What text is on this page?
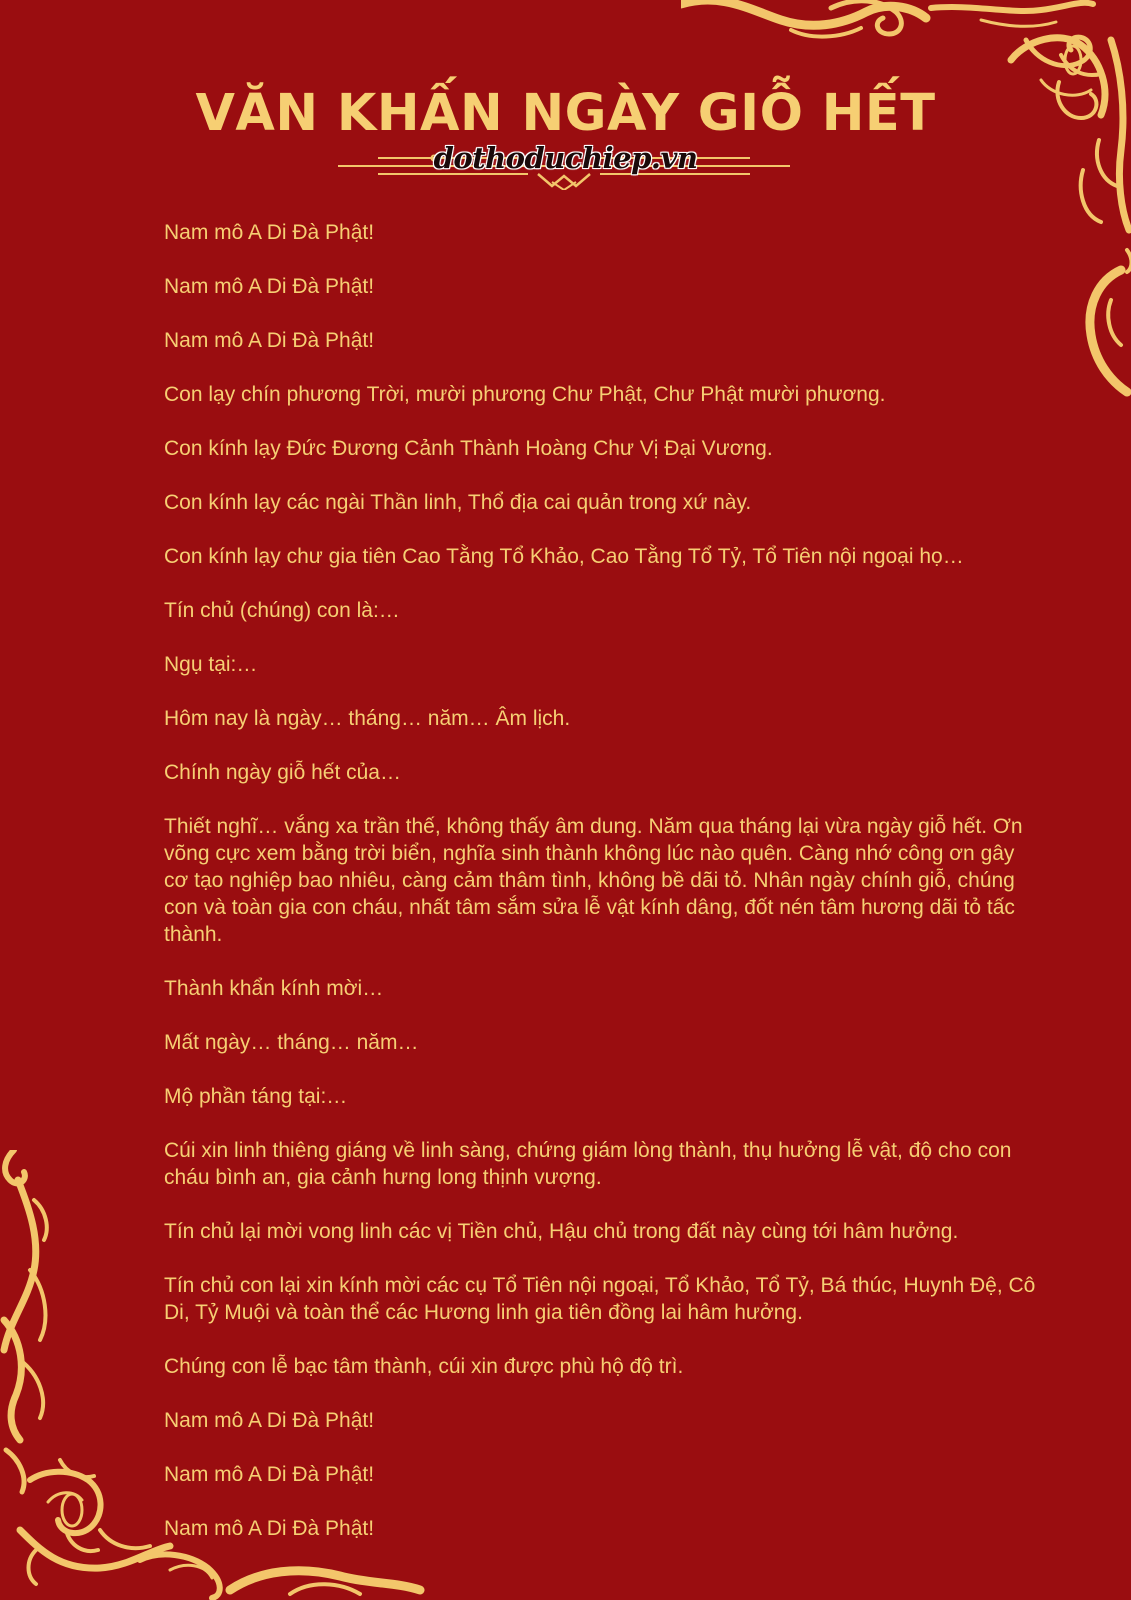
VĂN KHẤN NGÀY GIỖ HẾT
dothoduchiep.vn

Nam mô A Di Đà Phật!

Nam mô A Di Đà Phật!

Nam mô A Di Đà Phật!

Con lạy chín phương Trời, mười phương Chư Phật, Chư Phật mười phương.

Con kính lạy Đức Đương Cảnh Thành Hoàng Chư Vị Đại Vương.

Con kính lạy các ngài Thần linh, Thổ địa cai quản trong xứ này.

Con kính lạy chư gia tiên Cao Tằng Tổ Khảo, Cao Tằng Tổ Tỷ, Tổ Tiên nội ngoại họ…

Tín chủ (chúng) con là:…

Ngụ tại:…

Hôm nay là ngày… tháng… năm… Âm lịch.

Chính ngày giỗ hết của…

Thiết nghĩ… vắng xa trần thế, không thấy âm dung. Năm qua tháng lại vừa ngày giỗ hết. Ơn võng cực xem bằng trời biển, nghĩa sinh thành không lúc nào quên. Càng nhớ công ơn gây cơ tạo nghiệp bao nhiêu, càng cảm thâm tình, không bề dãi tỏ. Nhân ngày chính giỗ, chúng con và toàn gia con cháu, nhất tâm sắm sửa lễ vật kính dâng, đốt nén tâm hương dãi tỏ tấc thành.

Thành khẩn kính mời…

Mất ngày… tháng… năm…

Mộ phần táng tại:…

Cúi xin linh thiêng giáng về linh sàng, chứng giám lòng thành, thụ hưởng lễ vật, độ cho con cháu bình an, gia cảnh hưng long thịnh vượng.

Tín chủ lại mời vong linh các vị Tiền chủ, Hậu chủ trong đất này cùng tới hâm hưởng.

Tín chủ con lại xin kính mời các cụ Tổ Tiên nội ngoại, Tổ Khảo, Tổ Tỷ, Bá thúc, Huynh Đệ, Cô Di, Tỷ Muội và toàn thể các Hương linh gia tiên đồng lai hâm hưởng.

Chúng con lễ bạc tâm thành, cúi xin được phù hộ độ trì.

Nam mô A Di Đà Phật!

Nam mô A Di Đà Phật!

Nam mô A Di Đà Phật!
